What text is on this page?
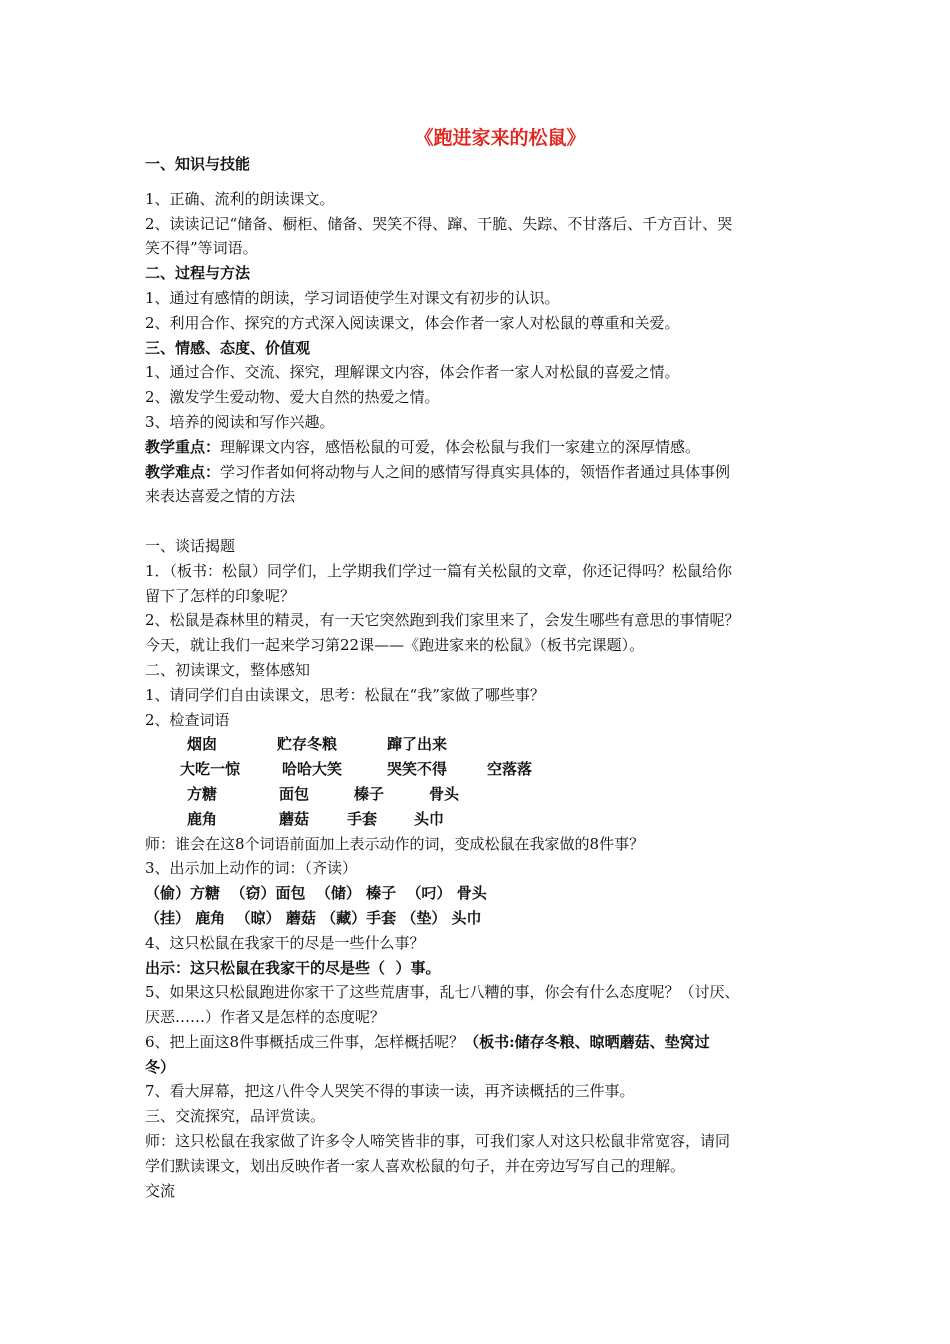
《跑进家来的松鼠》

一、知识与技能

1、正确、流利的朗读课文。

2、读读记记“储备、橱柜、储备、哭笑不得、蹿、干脆、失踪、不甘落后、千方百计、哭

笑不得”等词语。

二、过程与方法

1、通过有感情的朗读，学习词语使学生对课文有初步的认识。

2、利用合作、探究的方式深入阅读课文，体会作者一家人对松鼠的尊重和关爱。

三、情感、态度、价值观

1、通过合作、交流、探究，理解课文内容，体会作者一家人对松鼠的喜爱之情。

2、激发学生爱动物、爱大自然的热爱之情。

3、培养的阅读和写作兴趣。

教学重点：理解课文内容，感悟松鼠的可爱，体会松鼠与我们一家建立的深厚情感。

教学难点：学习作者如何将动物与人之间的感情写得真实具体的，领悟作者通过具体事例

来表达喜爱之情的方法

一、谈话揭题

1．（板书：松鼠）同学们，上学期我们学过一篇有关松鼠的文章，你还记得吗？松鼠给你

留下了怎样的印象呢？

2、松鼠是森林里的精灵，有一天它突然跑到我们家里来了，会发生哪些有意思的事情呢？

今天，就让我们一起来学习第22课——《跑进家来的松鼠》（板书完课题）。

二、初读课文，整体感知

1、请同学们自由读课文，思考：松鼠在“我”家做了哪些事？

2、检查词语

烟囱	贮存冬粮	蹿了出来

大吃一惊	哈哈大笑	哭笑不得	空落落

方糖	面包	榛子	骨头

鹿角	蘑菇	手套 头巾

师：谁会在这8个词语前面加上表示动作的词，变成松鼠在我家做的8件事？

3、出示加上动作的词：（齐读）

（偷）方糖  （窃）面包  （储） 榛子  （叼） 骨头

（挂） 鹿角  （晾） 蘑菇 （藏）手套 （垫） 头巾

4、这只松鼠在我家干的尽是一些什么事？

出示：这只松鼠在我家干的尽是些（  ）事。

5、如果这只松鼠跑进你家干了这些荒唐事，乱七八糟的事，你会有什么态度呢？（讨厌、

厌恶……）作者又是怎样的态度呢？

6、把上面这8件事概括成三件事，怎样概括呢？（板书:储存冬粮、晾晒蘑菇、垫窝过

冬）

7、看大屏幕，把这八件令人哭笑不得的事读一读，再齐读概括的三件事。

三、交流探究，品评赏读。

师：这只松鼠在我家做了许多令人啼笑皆非的事，可我们家人对这只松鼠非常宽容，请同

学们默读课文，划出反映作者一家人喜欢松鼠的句子，并在旁边写写自己的理解。

交流
